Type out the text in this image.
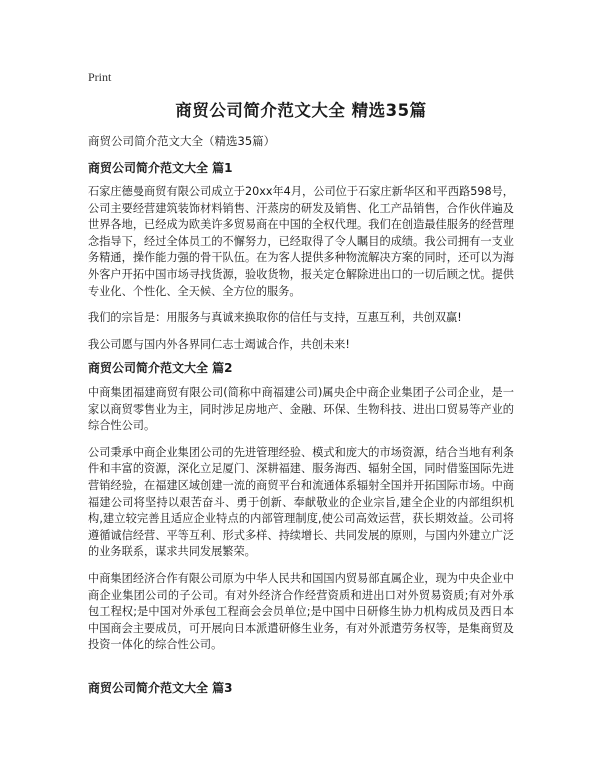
Print
商贸公司简介范文大全 精选35篇

商贸公司简介范文大全（精选35篇）

商贸公司简介范文大全 篇1

石家庄德曼商贸有限公司成立于20xx年4月，公司位于石家庄新华区和平西路598号，公司主要经营建筑装饰材料销售、汗蒸房的研发及销售、化工产品销售，合作伙伴遍及世界各地，已经成为欧美许多贸易商在中国的全权代理。我们在创造最佳服务的经营理念指导下，经过全体员工的不懈努力，已经取得了令人瞩目的成绩。我公司拥有一支业务精通，操作能力强的骨干队伍。在为客人提供多种物流解决方案的同时，还可以为海外客户开拓中国市场寻找货源，验收货物，报关定仓解除进出口的一切后顾之忧。提供专业化、个性化、全天候、全方位的服务。

我们的宗旨是：用服务与真诚来换取你的信任与支持，互惠互利，共创双赢!

我公司愿与国内外各界同仁志士竭诚合作，共创未来!

商贸公司简介范文大全 篇2

中商集团福建商贸有限公司(简称中商福建公司)属央企中商企业集团子公司企业，是一家以商贸零售业为主，同时涉足房地产、金融、环保、生物科技、进出口贸易等产业的综合性公司。

公司秉承中商企业集团公司的先进管理经验、模式和庞大的市场资源，结合当地有利条件和丰富的资源，深化立足厦门、深耕福建、服务海西、辐射全国，同时借鉴国际先进营销经验，在福建区域创建一流的商贸平台和流通体系辐射全国并开拓国际市场。中商福建公司将坚持以艰苦奋斗、勇于创新、奉献敬业的企业宗旨,建全企业的内部组织机构,建立较完善且适应企业特点的内部管理制度,使公司高效运营，获长期效益。公司将遵循诚信经营、平等互利、形式多样、持续增长、共同发展的原则，与国内外建立广泛的业务联系，谋求共同发展繁荣。

中商集团经济合作有限公司原为中华人民共和国国内贸易部直属企业，现为中央企业中商企业集团公司的子公司。有对外经济合作经营资质和进出口对外贸易资质;有对外承包工程权;是中国对外承包工程商会会员单位;是中国中日研修生协力机构成员及西日本中国商会主要成员，可开展向日本派遣研修生业务，有对外派遣劳务权等，是集商贸及投资一体化的综合性公司。

商贸公司简介范文大全 篇3
